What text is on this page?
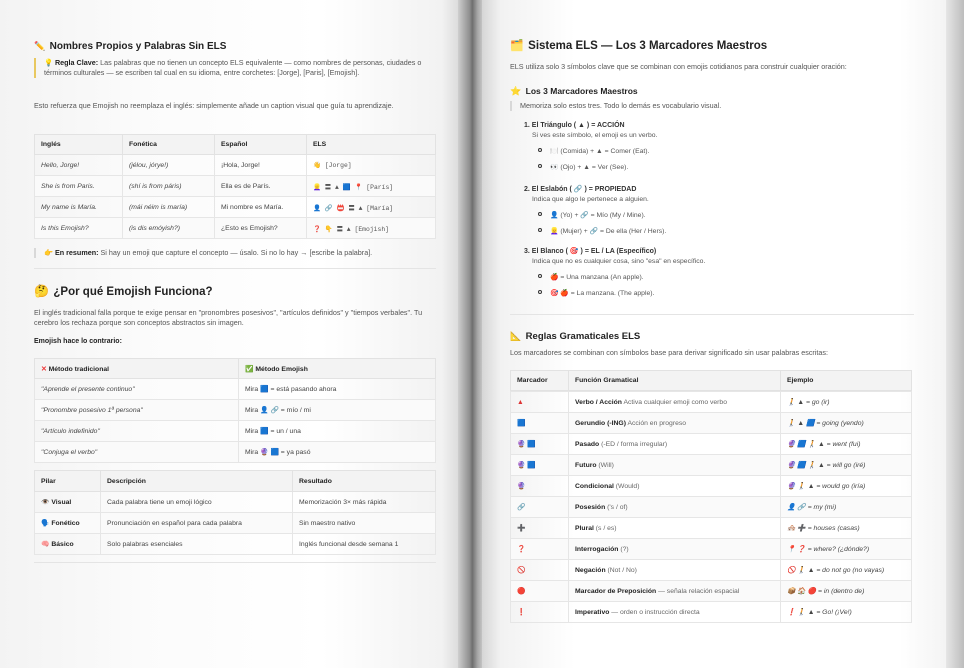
✏️ Nombres Propios y Palabras Sin ELS
💡 Regla Clave: Las palabras que no tienen un concepto ELS equivalente — como nombres de personas, ciudades o términos culturales — se escriben tal cual en su idioma, entre corchetes: [Jorge], [Paris], [Emojish].
Esto refuerza que Emojish no reemplaza el inglés: simplemente añade un caption visual que guía tu aprendizaje.
Inglés	Fonética	Español	ELS
Hello, Jorge!	(jélou, jórye!)	¡Hola, Jorge!	👋 [Jorge]
She is from Paris.	(shí is from páris)	Ella es de París.	👱‍♀️ 〓 ▲ 🟦 📍 [París]
My name is María.	(mái néim is maría)	Mi nombre es María.	👤 🔗 📛 〓 ▲ [María]
Is this Emojish?	(is dis emóyish?)	¿Esto es Emojish?	❓ 👇 〓 ▲ [Emojish]
👉 En resumen: Si hay un emoji que capture el concepto — úsalo. Si no lo hay → [escribe la palabra].
🤔 ¿Por qué Emojish Funciona?
El inglés tradicional falla porque te exige pensar en "pronombres posesivos", "artículos definidos" y "tiempos verbales". Tu cerebro los rechaza porque son conceptos abstractos sin imagen.
Emojish hace lo contrario:
✕ Método tradicional	✅ Método Emojish
"Aprende el presente continuo"	Mira 🟦 = está pasando ahora
"Pronombre posesivo 1ª persona"	Mira 👤 🔗 = mío / mi
"Artículo indefinido"	Mira 🟦 = un / una
"Conjuga el verbo"	Mira 🔮 🟦 = ya pasó
Pilar	Descripción	Resultado
👁️ Visual	Cada palabra tiene un emoji lógico	Memorización 3× más rápida
🗣️ Fonético	Pronunciación en español para cada palabra	Sin maestro nativo
🧠 Básico	Solo palabras esenciales	Inglés funcional desde semana 1
🗂️ Sistema ELS — Los 3 Marcadores Maestros
ELS utiliza solo 3 símbolos clave que se combinan con emojis cotidianos para construir cualquier oración:
⭐ Los 3 Marcadores Maestros
Memoriza solo estos tres. Todo lo demás es vocabulario visual.
1. El Triángulo ( ▲ ) = ACCIÓN
Si ves este símbolo, el emoji es un verbo.
🍽️ (Comida) + ▲ = Comer (Eat).
👀 (Ojo) + ▲ = Ver (See).
2. El Eslabón ( 🔗 ) = PROPIEDAD
Indica que algo le pertenece a alguien.
👤 (Yo) + 🔗 = Mío (My / Mine).
👱‍♀️ (Mujer) + 🔗 = De ella (Her / Hers).
3. El Blanco ( 🎯 ) = EL / LA (Específico)
Indica que no es cualquier cosa, sino "esa" en específico.
🍎 = Una manzana (An apple).
🎯 🍎 = La manzana. (The apple).
📐 Reglas Gramaticales ELS
Los marcadores se combinan con símbolos base para derivar significado sin usar palabras escritas:
Marcador	Función Gramatical	Ejemplo
▲	Verbo / Acción Activa cualquier emoji como verbo	🚶 ▲ = go (ir)
🟦	Gerundio (-ING) Acción en progreso	🚶 ▲ 🟦 = going (yendo)
🔮 🟦	Pasado (-ED / forma irregular)	🔮 🟦 🚶 ▲ = went (fui)
🔮 🟦	Futuro (Will)	🔮 🟦 🚶 ▲ = will go (iré)
🔮	Condicional (Would)	🔮 🚶 ▲ = would go (iría)
🔗	Posesión ('s / of)	👤 🔗 = my (mi)
➕	Plural (s / es)	🏘️ ➕ = houses (casas)
❓	Interrogación (?)	📍 ❓ = where? (¿dónde?)
🚫	Negación (Not / No)	🚫 🚶 ▲ = do not go (no vayas)
🔴	Marcador de Preposición — señala relación espacial	📦 🏠 🔴 = in (dentro de)
❗	Imperativo — orden o instrucción directa	❗ 🚶 ▲ = Go! (¡Ve!)
